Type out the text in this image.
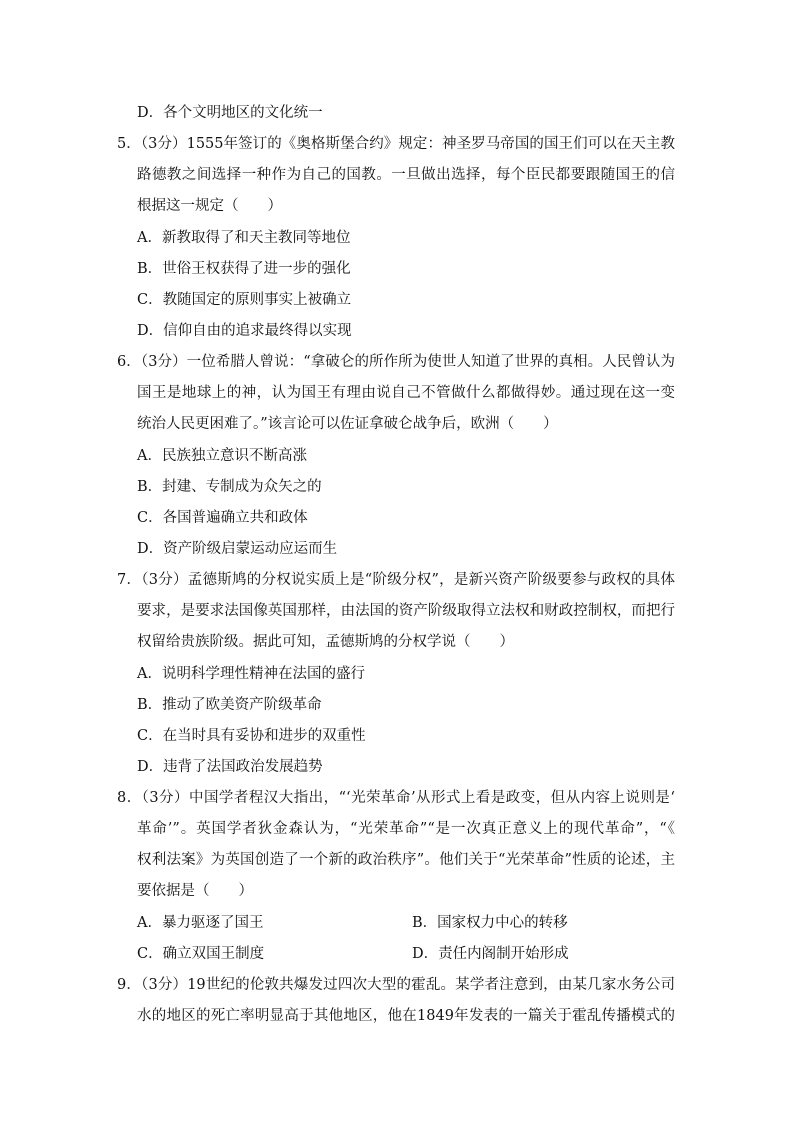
D．各个文明地区的文化统一
5．（3分）1555年签订的《奥格斯堡合约》规定：神圣罗马帝国的国王们可以在天主教
路德教之间选择一种作为自己的国教。一旦做出选择，每个臣民都要跟随国王的信
根据这一规定（　　）
A．新教取得了和天主教同等地位
B．世俗王权获得了进一步的强化
C．教随国定的原则事实上被确立
D．信仰自由的追求最终得以实现
6．（3分）一位希腊人曾说：“拿破仑的所作所为使世人知道了世界的真相。人民曾认为
国王是地球上的神，认为国王有理由说自己不管做什么都做得妙。通过现在这一变
统治人民更困难了。”该言论可以佐证拿破仑战争后，欧洲（　　）
A．民族独立意识不断高涨
B．封建、专制成为众矢之的
C．各国普遍确立共和政体
D．资产阶级启蒙运动应运而生
7．（3分）孟德斯鸠的分权说实质上是“阶级分权”，是新兴资产阶级要参与政权的具体
要求，是要求法国像英国那样，由法国的资产阶级取得立法权和财政控制权，而把行
权留给贵族阶级。据此可知，孟德斯鸠的分权学说（　　）
A．说明科学理性精神在法国的盛行
B．推动了欧美资产阶级革命
C．在当时具有妥协和进步的双重性
D．违背了法国政治发展趋势
8．（3分）中国学者程汉大指出，“‘光荣革命’从形式上看是政变，但从内容上说则是‘
革命’”。英国学者狄金森认为，“光荣革命”“是一次真正意义上的现代革命”，“《
权利法案》为英国创造了一个新的政治秩序”。他们关于“光荣革命”性质的论述，主
要依据是（　　）
A．暴力驱逐了国王	B．国家权力中心的转移
C．确立双国王制度	D．责任内阁制开始形成
9．（3分）19世纪的伦敦共爆发过四次大型的霍乱。某学者注意到，由某几家水务公司
水的地区的死亡率明显高于其他地区，他在1849年发表的一篇关于霍乱传播模式的
